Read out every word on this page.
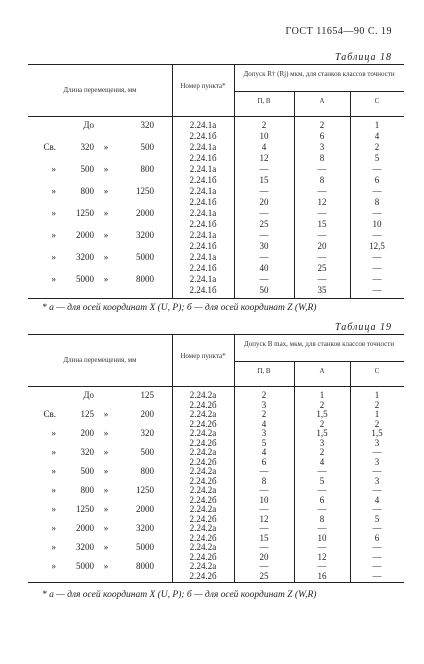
ГОСТ 11654—90 С. 19
Таблица 18
Длина перемещения, мм	Номер пункта*
Допуск R† (Rj) мкм, для станков классов точности
П, В	А	С
До	320	2.24.1а	2	2	1
2.24.1б	10	6	4
Св.	320	»	500	2.24.1а	4	3	2
2.24.1б	12	8	5
»	500	»	800	2.24.1а	—	—	—
2.24.1б	15	8	6
»	800	»	1250	2.24.1а	—	—	—
2.24.1б	20	12	8
»	1250	»	2000	2.24.1а	—	—	—
2.24.1б	25	15	10
»	2000	»	3200	2.24.1а	—	—	—
2.24.1б	30	20	12,5
»	3200	»	5000	2.24.1а	—	—	—
2.24.1б	40	25	—
»	5000	»	8000	2.24.1а	—	—	—
2.24.1б	50	35	—
* а — для осей координат X (U, P); б — для осей координат Z (W,R)
Таблица 19
Длина перемещения, мм	Номер пункта*
Допуск B max, мкм, для станков классов точности
П, В	А	С
До	125	2.24.2а	2	1	1
2.24.2б	3	2	2
Св.	125	»	200	2.24.2а	2	1,5	1
2.24.2б	4	2	2
»	200	»	320	2.24.2а	3	1,5	1,5
2.24.2б	5	3	3
»	320	»	500	2.24.2а	4	2	—
2.24.2б	6	4	3
»	500	»	800	2.24.2а	—	—	—
2.24.2б	8	5	3
»	800	»	1250	2.24.2а	—	—	—
2.24.2б	10	6	4
»	1250	»	2000	2.24.2а	—	—	—
2.24.2б	12	8	5
»	2000	»	3200	2.24.2а	—	—	—
2.24.2б	15	10	6
»	3200	»	5000	2.24.2а	—	—	—
2.24.2б	20	12	—
»	5000	»	8000	2.24.2а	—	—	—
2.24.2б	25	16	—
* а — для осей координат X (U, P); б — для осей координат Z (W,R)
